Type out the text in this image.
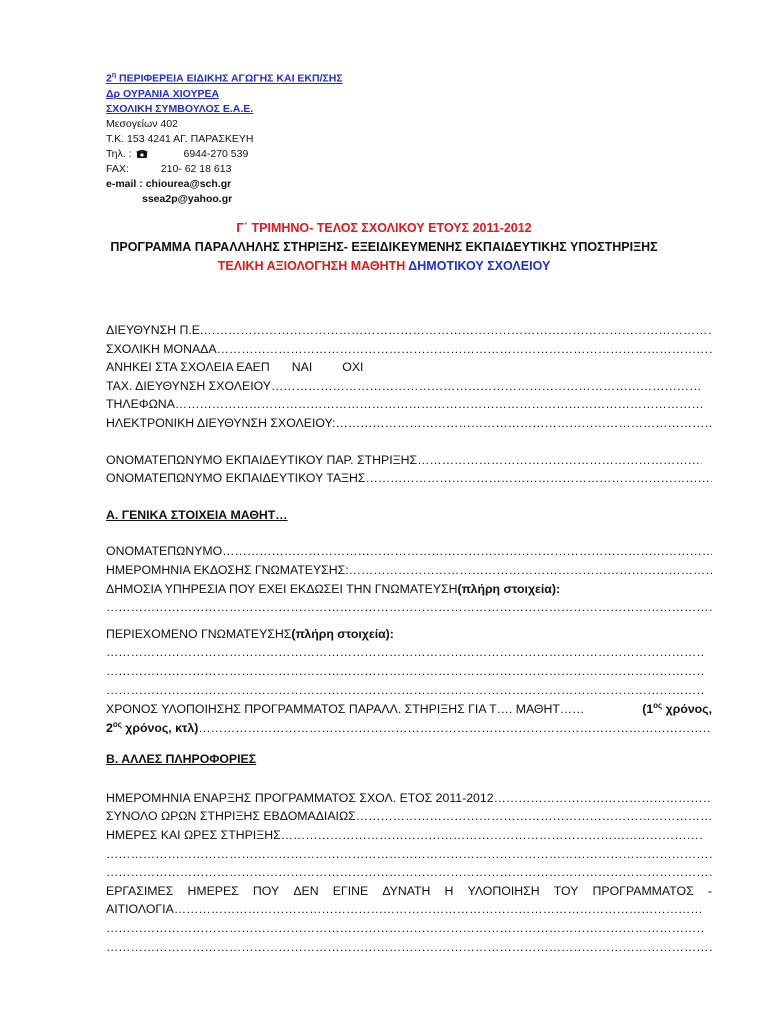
$2^\eta$ ΠΕΡΙΦΕΡΕΙΑ ΕΙΔΙΚΗΣ ΑΓΩΓΗΣ ΚΑΙ ΕΚΠ/ΣΗΣ
Δρ ΟΥΡΑΝΙΑ ΧΙΟΥΡΕΑ
ΣΧΟΛΙΚΗ ΣΥΜΒΟΥΛΟΣ Ε.Α.Ε.
Μεσογείων 402
Τ.Κ. 153 4241 ΑΓ. ΠΑΡΑΣΚΕΥΗ
Τηλ. :	6944-270 539
FAX:	210- 62 18 613
e-mail : chiourea@sch.gr
ssea2p@yahoo.gr
Γ΄ ΤΡΙΜΗΝΟ- ΤΕΛΟΣ ΣΧΟΛΙΚΟΥ ΕΤΟΥΣ 2011-2012
ΠΡΟΓΡΑΜΜΑ ΠΑΡΑΛΛΗΛΗΣ ΣΤΗΡΙΞΗΣ- ΕΞΕΙΔΙΚΕΥΜΕΝΗΣ ΕΚΠΑΙΔΕΥΤΙΚΗΣ ΥΠΟΣΤΗΡΙΞΗΣ
ΤΕΛΙΚΗ ΑΞΙΟΛΟΓΗΣΗ ΜΑΘΗΤΗ ΔΗΜΟΤΙΚΟΥ ΣΧΟΛΕΙΟΥ
ΔΙΕΥΘΥΝΣΗ Π.Ε.
………………………………………………………………………………………………………………………………………………………………………………………………………………………………………………………………
ΣΧΟΛΙΚΗ ΜΟΝΑΔΑ
………………………………………………………………………………………………………………………………………………………………………………………………………………………………………………………………
ΑΝΗΚΕΙ ΣΤΑ ΣΧΟΛΕΙΑ ΕΑΕΠ ΝΑΙ ΟΧΙ
ΤΑΧ. ΔΙΕΥΘΥΝΣΗ ΣΧΟΛΕΙΟΥ
………………………………………………………………………………………………………………………………………………………………………………………………………………………………………………………………
ΤΗΛΕΦΩΝΑ
………………………………………………………………………………………………………………………………………………………………………………………………………………………………………………………………
ΗΛΕΚΤΡΟΝΙΚΗ ΔΙΕΥΘΥΝΣΗ ΣΧΟΛΕΙΟΥ:
………………………………………………………………………………………………………………………………………………………………………………………………………………………………………………………………
ΟΝΟΜΑΤΕΠΩΝΥΜΟ ΕΚΠΑΙΔΕΥΤΙΚΟΥ ΠΑΡ. ΣΤΗΡΙΞΗΣ
………………………………………………………………………………………………………………………………………………………………………………………………………………………………………………………………
ΟΝΟΜΑΤΕΠΩΝΥΜΟ ΕΚΠΑΙΔΕΥΤΙΚΟΥ ΤΑΞΗΣ
………………………………………………………………………………………………………………………………………………………………………………………………………………………………………………………………
Α. ΓΕΝΙΚΑ ΣΤΟΙΧΕΙΑ ΜΑΘΗΤ…
ΟΝΟΜΑΤΕΠΩΝΥΜΟ
………………………………………………………………………………………………………………………………………………………………………………………………………………………………………………………………
ΗΜΕΡΟΜΗΝΙΑ ΕΚΔΟΣΗΣ ΓΝΩΜΑΤΕΥΣΗΣ:
………………………………………………………………………………………………………………………………………………………………………………………………………………………………………………………………
ΔΗΜΟΣΙΑ ΥΠΗΡΕΣΙΑ ΠΟΥ ΕΧΕΙ ΕΚΔΩΣΕΙ ΤΗΝ ΓΝΩΜΑΤΕΥΣΗ (πλήρη στοιχεία):
………………………………………………………………………………………………………………………………………………………………………………………………………………………………………………………………
ΠΕΡΙΕΧΟΜΕΝΟ ΓΝΩΜΑΤΕΥΣΗΣ (πλήρη στοιχεία):
………………………………………………………………………………………………………………………………………………………………………………………………………………………………………………………………
………………………………………………………………………………………………………………………………………………………………………………………………………………………………………………………………
………………………………………………………………………………………………………………………………………………………………………………………………………………………………………………………………
ΧΡΟΝΟΣ ΥΛΟΠΟΙΗΣΗΣ ΠΡΟΓΡΑΜΜΑΤΟΣ ΠΑΡΑΛΛ. ΣΤΗΡΙΞΗΣ ΓΙΑ Τ…. ΜΑΘΗΤ……	($1^{o\varsigma}$ χρόνος,
$2^{o\varsigma}$ χρόνος, κτλ)
………………………………………………………………………………………………………………………………………………………………………………………………………………………………………………………………
Β. ΑΛΛΕΣ ΠΛΗΡΟΦΟΡΙΕΣ
ΗΜΕΡΟΜΗΝΙΑ ΕΝΑΡΞΗΣ ΠΡΟΓΡΑΜΜΑΤΟΣ ΣΧΟΛ. ΕΤΟΣ 2011-2012
………………………………………………………………………………………………………………………………………………………………………………………………………………………………………………………………
ΣΥΝΟΛΟ ΩΡΩΝ ΣΤΗΡΙΞΗΣ ΕΒΔΟΜΑΔΙΑΙΩΣ
………………………………………………………………………………………………………………………………………………………………………………………………………………………………………………………………
ΗΜΕΡΕΣ ΚΑΙ ΩΡΕΣ ΣΤΗΡΙΞΗΣ
………………………………………………………………………………………………………………………………………………………………………………………………………………………………………………………………
………………………………………………………………………………………………………………………………………………………………………………………………………………………………………………………………
………………………………………………………………………………………………………………………………………………………………………………………………………………………………………………………………
ΕΡΓΑΣΙΜΕΣ ΗΜΕΡΕΣ ΠΟΥ ΔΕΝ ΕΓΙΝΕ ΔΥΝΑΤΗ Η ΥΛΟΠΟΙΗΣΗ ΤΟΥ ΠΡΟΓΡΑΜΜΑΤΟΣ -
ΑΙΤΙΟΛΟΓΙΑ
………………………………………………………………………………………………………………………………………………………………………………………………………………………………………………………………
………………………………………………………………………………………………………………………………………………………………………………………………………………………………………………………………
………………………………………………………………………………………………………………………………………………………………………………………………………………………………………………………………
